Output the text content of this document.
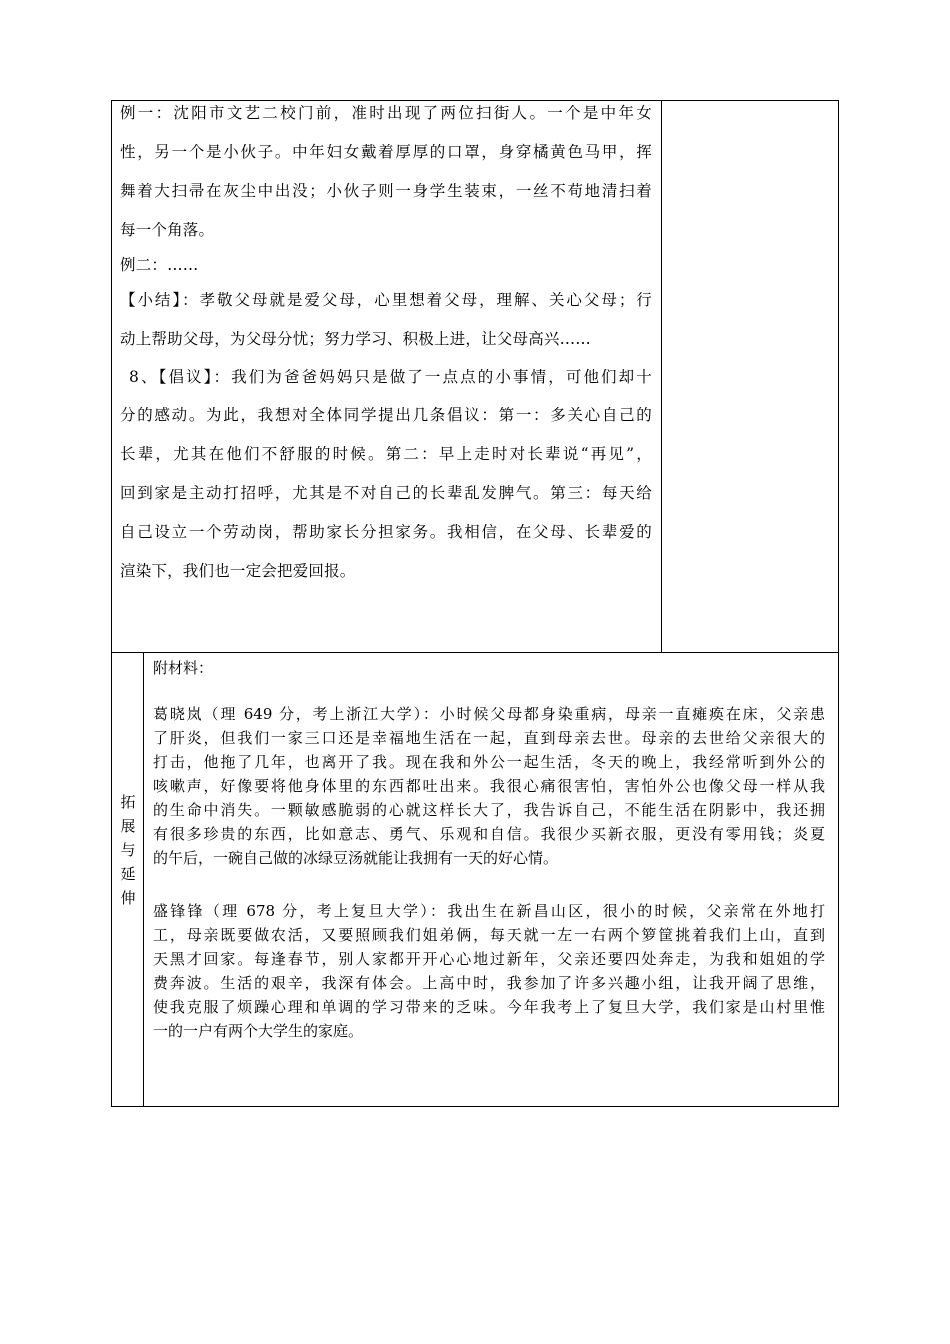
例一：沈阳市文艺二校门前，准时出现了两位扫街人。一个是中年女

性，另一个是小伙子。中年妇女戴着厚厚的口罩，身穿橘黄色马甲，挥

舞着大扫帚在灰尘中出没；小伙子则一身学生装束，一丝不苟地清扫着

每一个角落。

例二：……

【小结】：孝敬父母就是爱父母，心里想着父母，理解、关心父母；行

动上帮助父母，为父母分忧；努力学习、积极上进，让父母高兴……

8、【倡议】：我们为爸爸妈妈只是做了一点点的小事情，可他们却十

分的感动。为此，我想对全体同学提出几条倡议：第一：多关心自己的

长辈，尤其在他们不舒服的时候。第二：早上走时对长辈说“再见”，

回到家是主动打招呼，尤其是不对自己的长辈乱发脾气。第三：每天给

自己设立一个劳动岗，帮助家长分担家务。我相信，在父母、长辈爱的

渲染下，我们也一定会把爱回报。

拓
展
与
延
伸

附材料：

葛晓岚（理 649 分，考上浙江大学）：小时候父母都身染重病，母亲一直瘫痪在床，父亲患

了肝炎，但我们一家三口还是幸福地生活在一起，直到母亲去世。母亲的去世给父亲很大的

打击，他拖了几年，也离开了我。现在我和外公一起生活，冬天的晚上，我经常听到外公的

咳嗽声，好像要将他身体里的东西都吐出来。我很心痛很害怕，害怕外公也像父母一样从我

的生命中消失。一颗敏感脆弱的心就这样长大了，我告诉自己，不能生活在阴影中，我还拥

有很多珍贵的东西，比如意志、勇气、乐观和自信。我很少买新衣服，更没有零用钱；炎夏

的午后，一碗自己做的冰绿豆汤就能让我拥有一天的好心情。

盛锋锋（理 678 分，考上复旦大学）：我出生在新昌山区，很小的时候，父亲常在外地打

工，母亲既要做农活，又要照顾我们姐弟俩，每天就一左一右两个箩筐挑着我们上山，直到

天黑才回家。每逢春节，别人家都开开心心地过新年，父亲还要四处奔走，为我和姐姐的学

费奔波。生活的艰辛，我深有体会。上高中时，我参加了许多兴趣小组，让我开阔了思维，

使我克服了烦躁心理和单调的学习带来的乏味。今年我考上了复旦大学，我们家是山村里惟

一的一户有两个大学生的家庭。
